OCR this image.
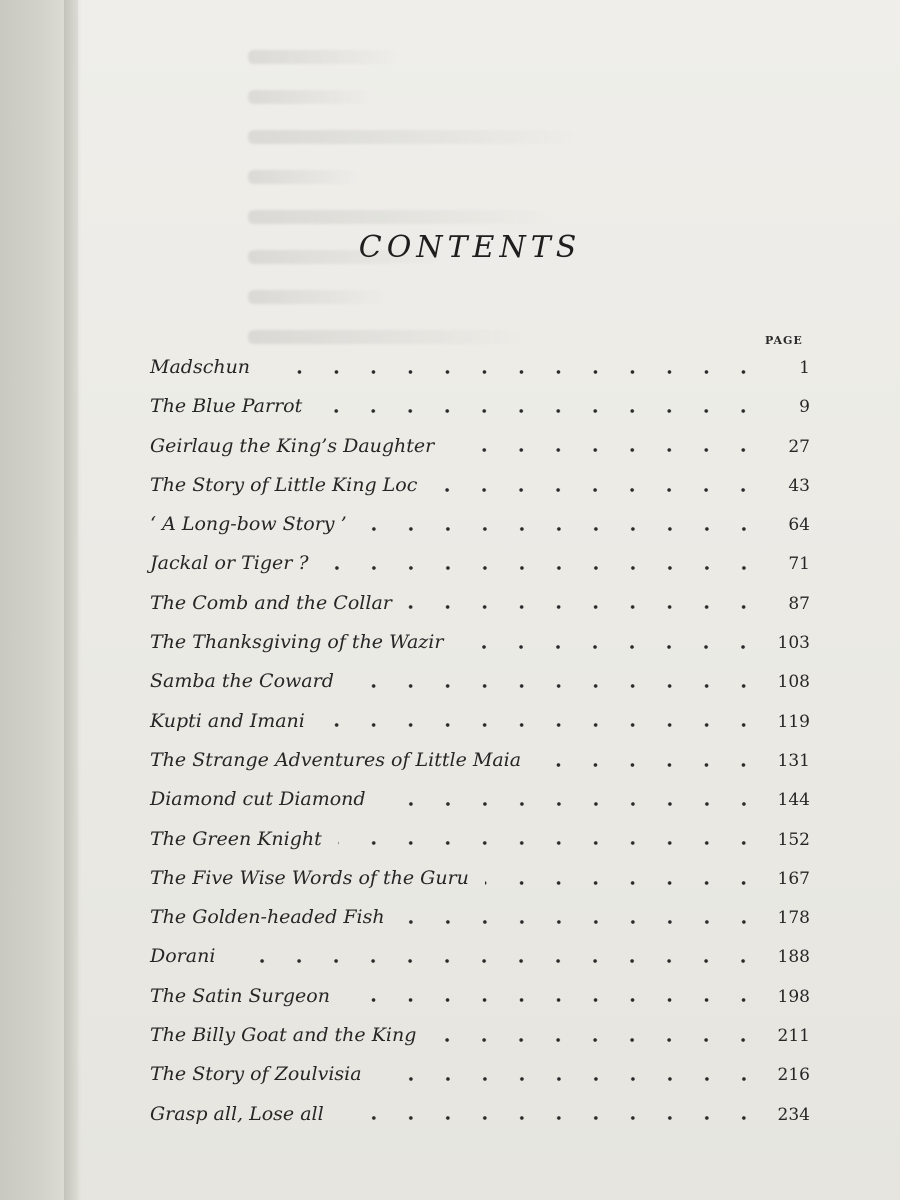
CONTENTS
PAGE
Madschun	1
The Blue Parrot	9
Geirlaug the King’s Daughter	27
The Story of Little King Loc	43
‘ A Long-bow Story ’	64
Jackal or Tiger ?	71
The Comb and the Collar	87
The Thanksgiving of the Wazir	103
Samba the Coward	108
Kupti and Imani	119
The Strange Adventures of Little Maia	131
Diamond cut Diamond	144
The Green Knight	152
The Five Wise Words of the Guru	167
The Golden-headed Fish	178
Dorani	188
The Satin Surgeon	198
The Billy Goat and the King	211
The Story of Zoulvisia	216
Grasp all, Lose all	234
